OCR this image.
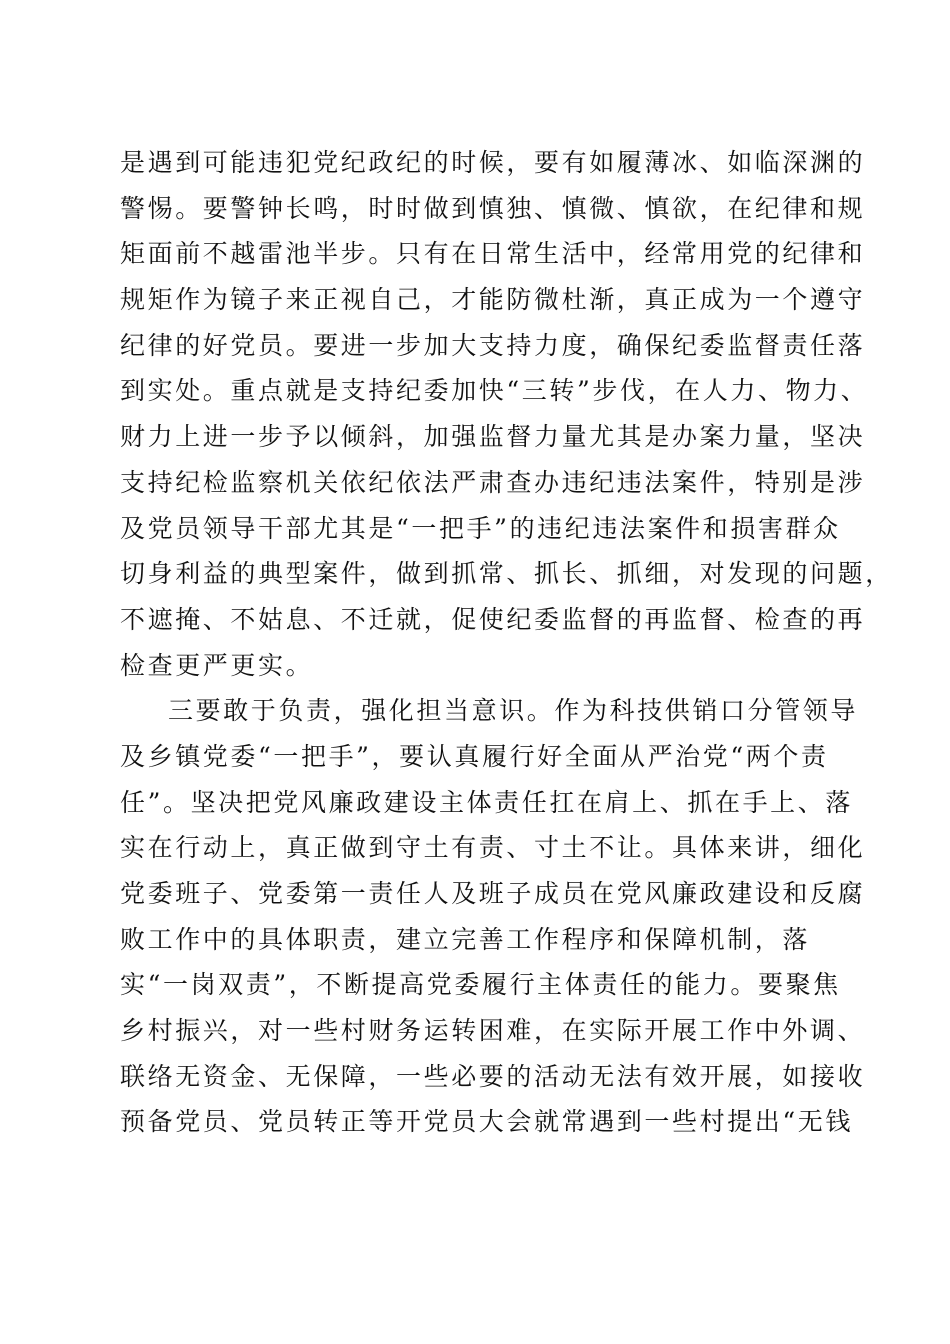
是遇到可能违犯党纪政纪的时候，要有如履薄冰、如临深渊的
警惕。要警钟长鸣，时时做到慎独、慎微、慎欲，在纪律和规
矩面前不越雷池半步。只有在日常生活中，经常用党的纪律和
规矩作为镜子来正视自己，才能防微杜渐，真正成为一个遵守
纪律的好党员。要进一步加大支持力度，确保纪委监督责任落
到实处。重点就是支持纪委加快“三转”步伐，在人力、物力、
财力上进一步予以倾斜，加强监督力量尤其是办案力量，坚决
支持纪检监察机关依纪依法严肃查办违纪违法案件，特别是涉
及党员领导干部尤其是“一把手”的违纪违法案件和损害群众
切身利益的典型案件，做到抓常、抓长、抓细，对发现的问题，
不遮掩、不姑息、不迁就，促使纪委监督的再监督、检查的再
检查更严更实。
三要敢于负责，强化担当意识。作为科技供销口分管领导
及乡镇党委“一把手”，要认真履行好全面从严治党“两个责
任”。坚决把党风廉政建设主体责任扛在肩上、抓在手上、落
实在行动上，真正做到守土有责、寸土不让。具体来讲，细化
党委班子、党委第一责任人及班子成员在党风廉政建设和反腐
败工作中的具体职责，建立完善工作程序和保障机制，落
实“一岗双责”，不断提高党委履行主体责任的能力。要聚焦
乡村振兴，对一些村财务运转困难，在实际开展工作中外调、
联络无资金、无保障，一些必要的活动无法有效开展，如接收
预备党员、党员转正等开党员大会就常遇到一些村提出“无钱
